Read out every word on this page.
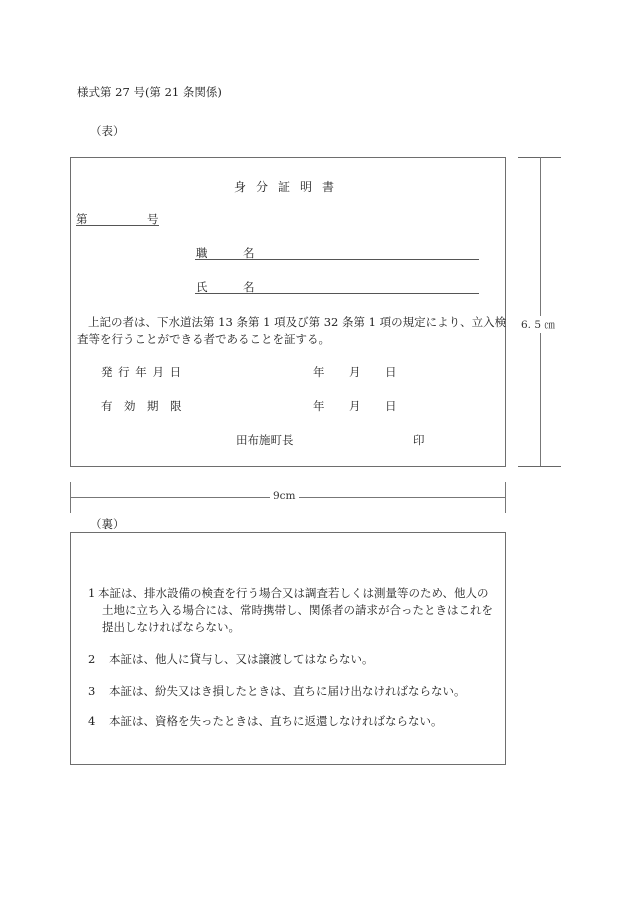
様式第 27 号(第 21 条関係)
（表）
身 分 証 明 書
第	号
職	名
氏	名
上記の者は、下水道法第 13 条第 1 項及び第 32 条第 1 項の規定により、立入検
査等を行うことができる者であることを証する。
発 行 年 月 日	年 月 日
有　効　期　限	年 月 日
田布施町長	印
6. 5 ㎝
9cm
（裏）
1 本証は、排水設備の検査を行う場合又は調査若しくは測量等のため、他人の土地に立ち入る場合には、常時携帯し、関係者の請求が合ったときはこれを提出しなければならない。
2 本証は、他人に貸与し、又は譲渡してはならない。
3 本証は、紛失又はき損したときは、直ちに届け出なければならない。
4 本証は、資格を失ったときは、直ちに返還しなければならない。
